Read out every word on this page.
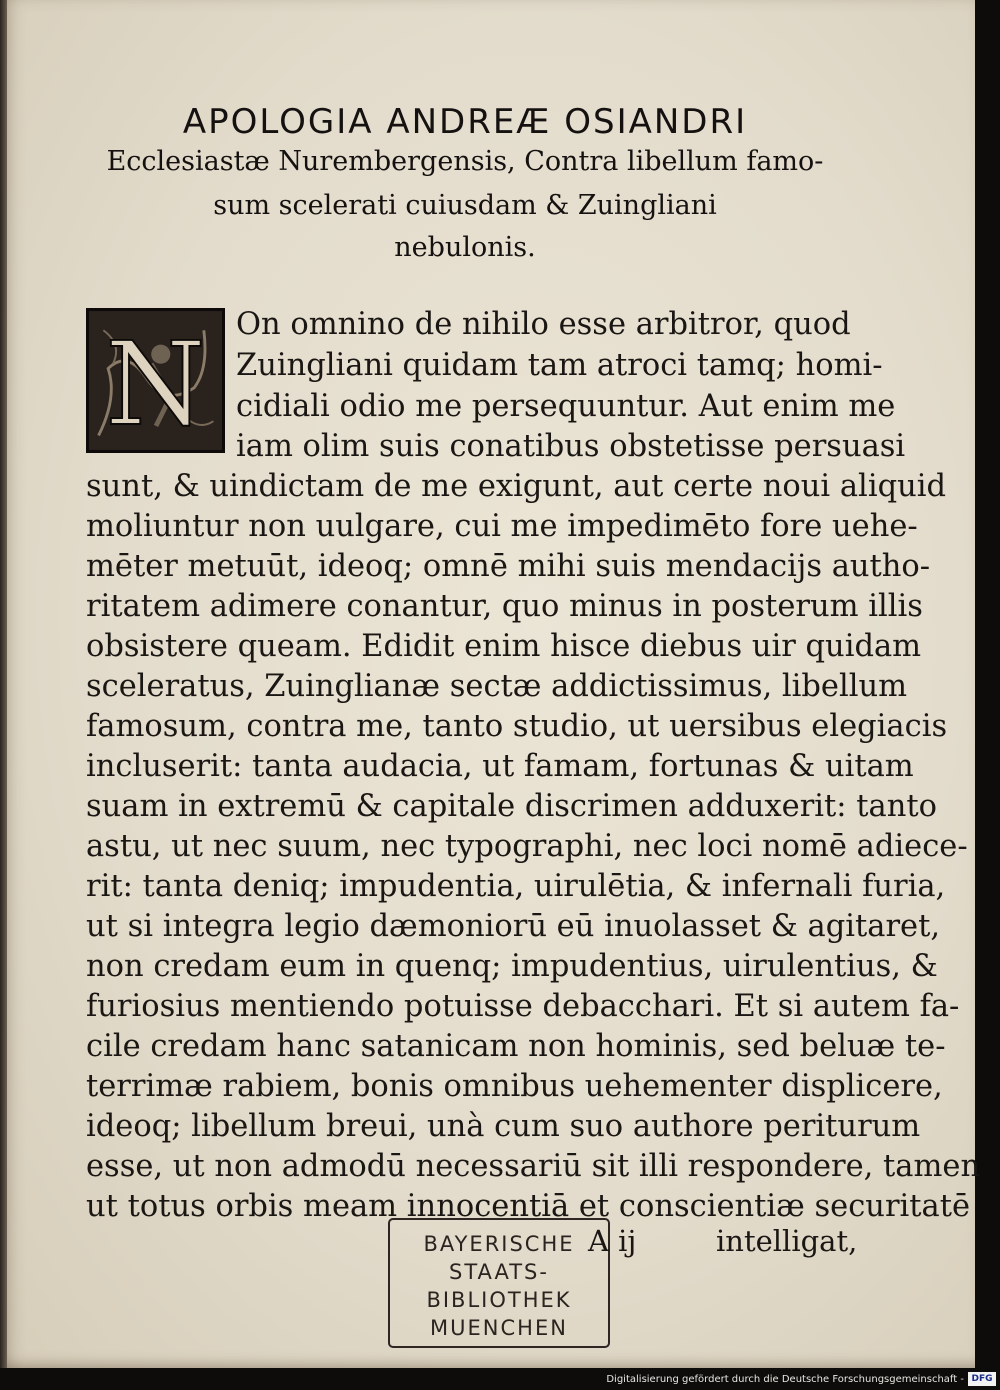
APOLOGIA ANDREÆ OSIANDRI

Ecclesiastæ Nurembergensis, Contra libellum famo-

sum scelerati cuiusdam & Zuingliani

nebulonis.

N On omnino de nihilo esse arbitror, quod

Zuingliani quidam tam atroci tamq; homi-

cidiali odio me persequuntur. Aut enim me

iam olim suis conatibus obstetisse persuasi

sunt, & uindictam de me exigunt, aut certe noui aliquid

moliuntur non uulgare, cui me impedimēto fore uehe-

mēter metuūt, ideoq; omnē mihi suis mendacijs autho-

ritatem adimere conantur, quo minus in posterum illis

obsistere queam. Edidit enim hisce diebus uir quidam

sceleratus, Zuinglianæ sectæ addictissimus, libellum

famosum, contra me, tanto studio, ut uersibus elegiacis

incluserit: tanta audacia, ut famam, fortunas & uitam

suam in extremū & capitale discrimen adduxerit: tanto

astu, ut nec suum, nec typographi, nec loci nomē adiece-

rit: tanta deniq; impudentia, uirulētia, & infernali furia,

ut si integra legio dæmoniorū eū inuolasset & agitaret,

non credam eum in quenq; impudentius, uirulentius, &

furiosius mentiendo potuisse debacchari. Et si autem fa-

cile credam hanc satanicam non hominis, sed beluæ te-

terrimæ rabiem, bonis omnibus uehementer displicere,

ideoq; libellum breui, unà cum suo authore periturum

esse, ut non admodū necessariū sit illi respondere, tamen

ut totus orbis meam innocentiā et conscientiæ securitatē

BAYERISCHE

STAATS-

BIBLIOTHEK

MUENCHEN

A ij	intelligat,

Digitalisierung gefördert durch die Deutsche Forschungsgemeinschaft - DFG
